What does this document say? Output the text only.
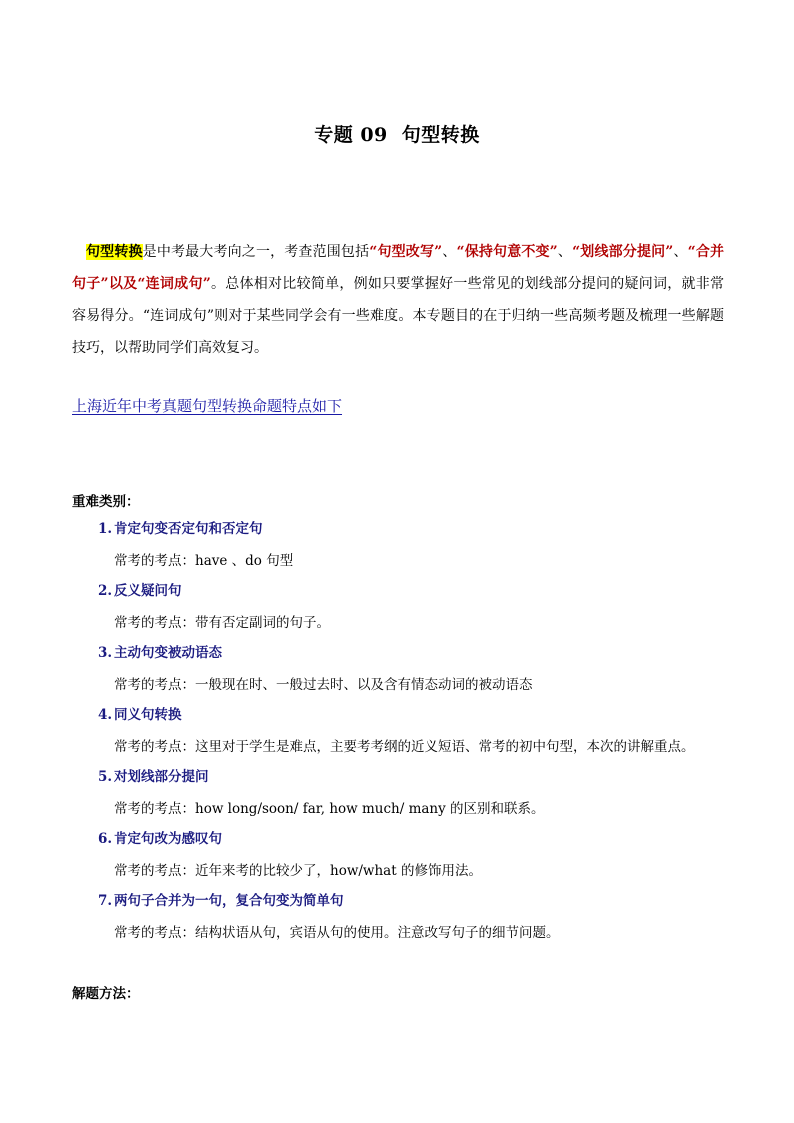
专题 09 句型转换
句型转换是中考最大考向之一，考查范围包括“句型改写”、“保持句意不变”、“划线部分提问”、“合并句子”以及“连词成句”。总体相对比较简单，例如只要掌握好一些常见的划线部分提问的疑问词，就非常容易得分。“连词成句”则对于某些同学会有一些难度。本专题目的在于归纳一些高频考题及梳理一些解题技巧，以帮助同学们高效复习。
上海近年中考真题句型转换命题特点如下
重难类别：
1. 肯定句变否定句和否定句
常考的考点：have 、do 句型
2. 反义疑问句
常考的考点：带有否定副词的句子。
3. 主动句变被动语态
常考的考点：一般现在时、一般过去时、以及含有情态动词的被动语态
4. 同义句转换
常考的考点：这里对于学生是难点，主要考考纲的近义短语、常考的初中句型，本次的讲解重点。
5. 对划线部分提问
常考的考点：how long/soon/ far, how much/ many 的区别和联系。
6. 肯定句改为感叹句
常考的考点：近年来考的比较少了，how/what 的修饰用法。
7. 两句子合并为一句，复合句变为简单句
常考的考点：结构状语从句，宾语从句的使用。注意改写句子的细节问题。
解题方法：
